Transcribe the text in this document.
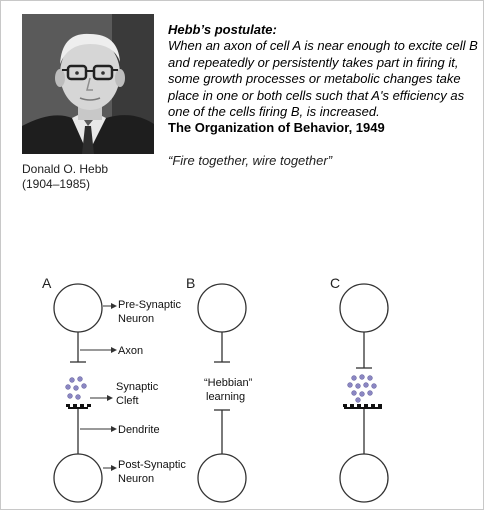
Donald O. Hebb
(1904–1985)
Hebb’s postulate:
When an axon of cell A is near enough to excite cell B and repeatedly or persistently takes part in firing it, some growth processes or metabolic changes take place in one or both cells such that A's efficiency as one of the cells firing B, is increased.
The Organization of Behavior, 1949
“Fire together, wire together”
A	B	C
Pre-Synaptic
Neuron
Axon
Synaptic
Cleft
Dendrite
Post-Synaptic
Neuron
“Hebbian”
learning
